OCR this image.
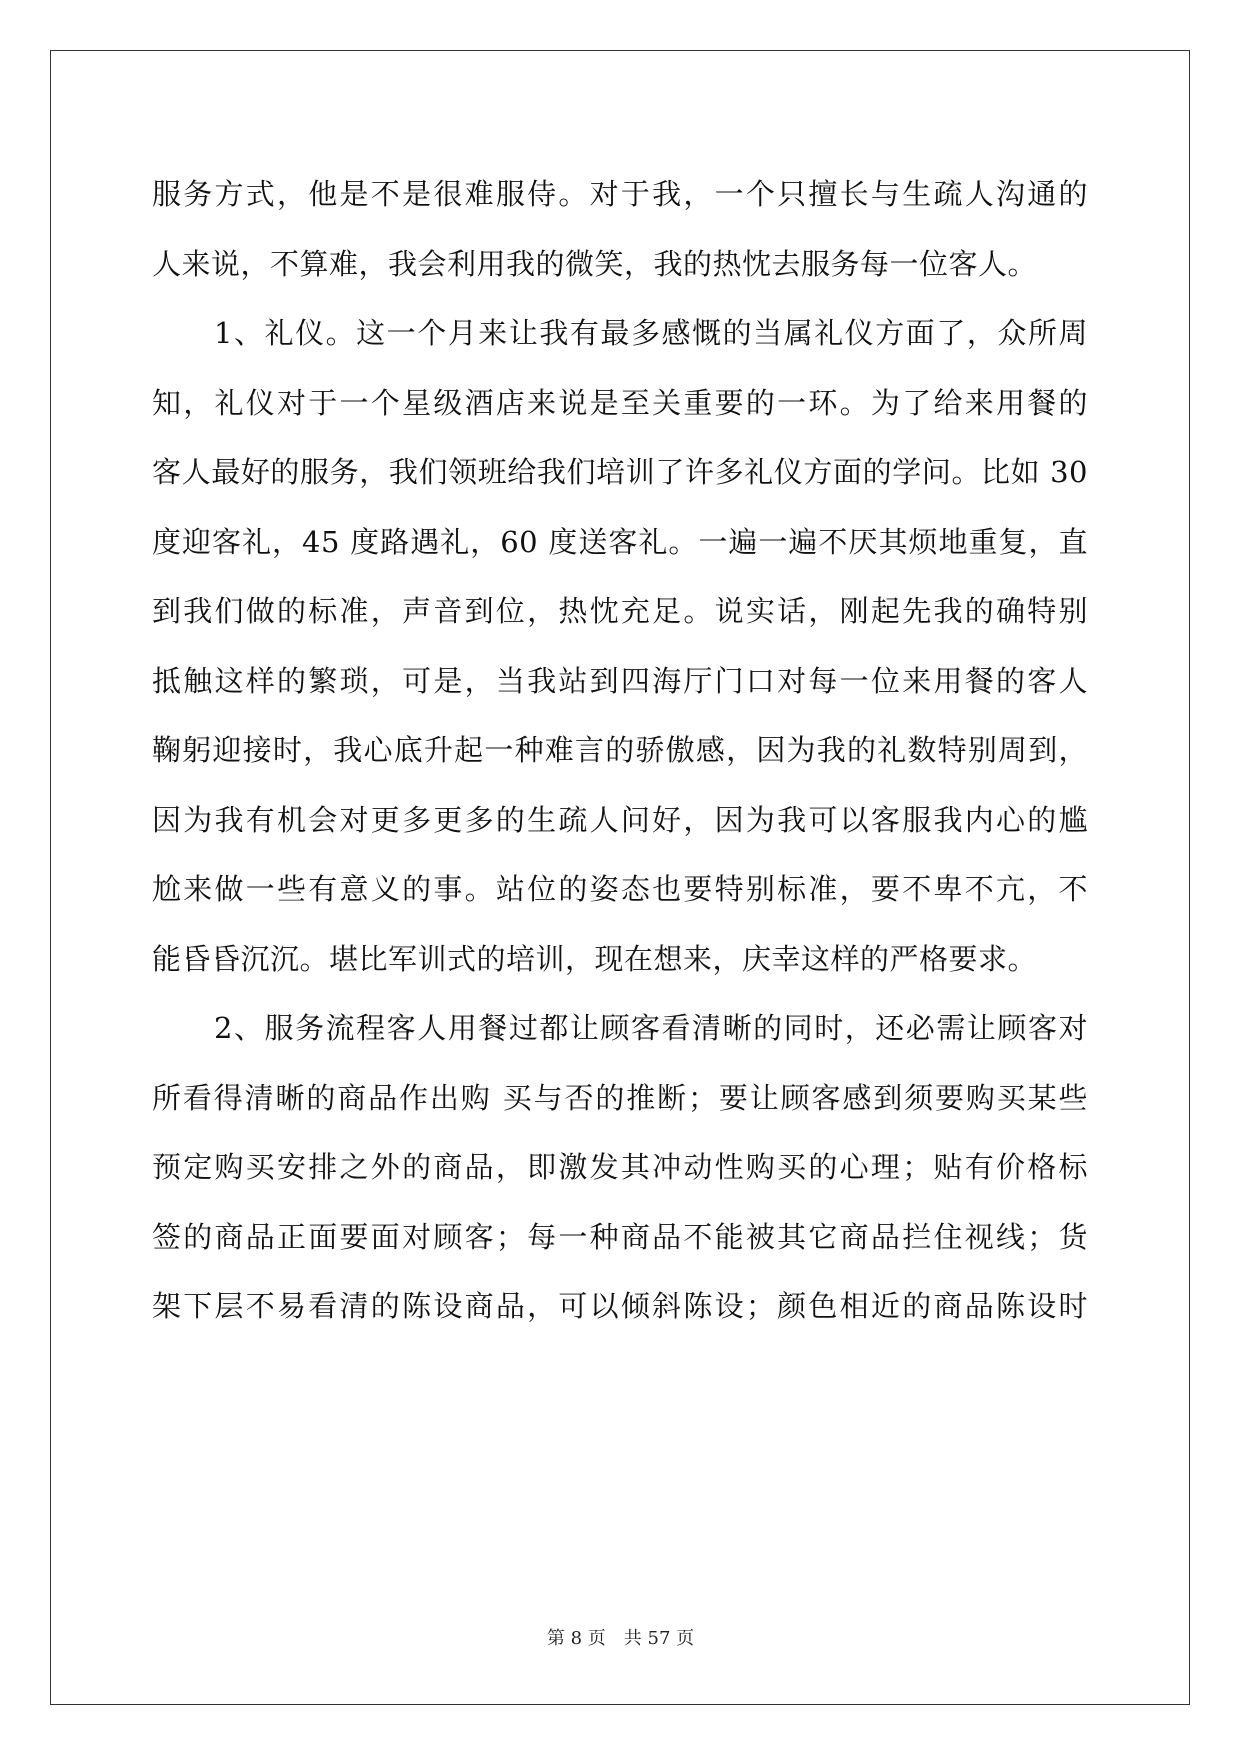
服务方式，他是不是很难服侍。对于我，一个只擅长与生疏人沟通的
人来说，不算难，我会利用我的微笑，我的热忱去服务每一位客人。
1、礼仪。这一个月来让我有最多感慨的当属礼仪方面了，众所周
知，礼仪对于一个星级酒店来说是至关重要的一环。为了给来用餐的
客人最好的服务，我们领班给我们培训了许多礼仪方面的学问。比如 30
度迎客礼，45 度路遇礼，60 度送客礼。一遍一遍不厌其烦地重复，直
到我们做的标准，声音到位，热忱充足。说实话，刚起先我的确特别
抵触这样的繁琐，可是，当我站到四海厅门口对每一位来用餐的客人
鞠躬迎接时，我心底升起一种难言的骄傲感，因为我的礼数特别周到，
因为我有机会对更多更多的生疏人问好，因为我可以客服我内心的尴
尬来做一些有意义的事。站位的姿态也要特别标准，要不卑不亢，不
能昏昏沉沉。堪比军训式的培训，现在想来，庆幸这样的严格要求。
2、服务流程客人用餐过都让顾客看清晰的同时，还必需让顾客对
所看得清晰的商品作出购 买与否的推断；要让顾客感到须要购买某些
预定购买安排之外的商品，即激发其冲动性购买的心理；贴有价格标
签的商品正面要面对顾客；每一种商品不能被其它商品拦住视线；货
架下层不易看清的陈设商品，可以倾斜陈设；颜色相近的商品陈设时
第 8 页　共 57 页
